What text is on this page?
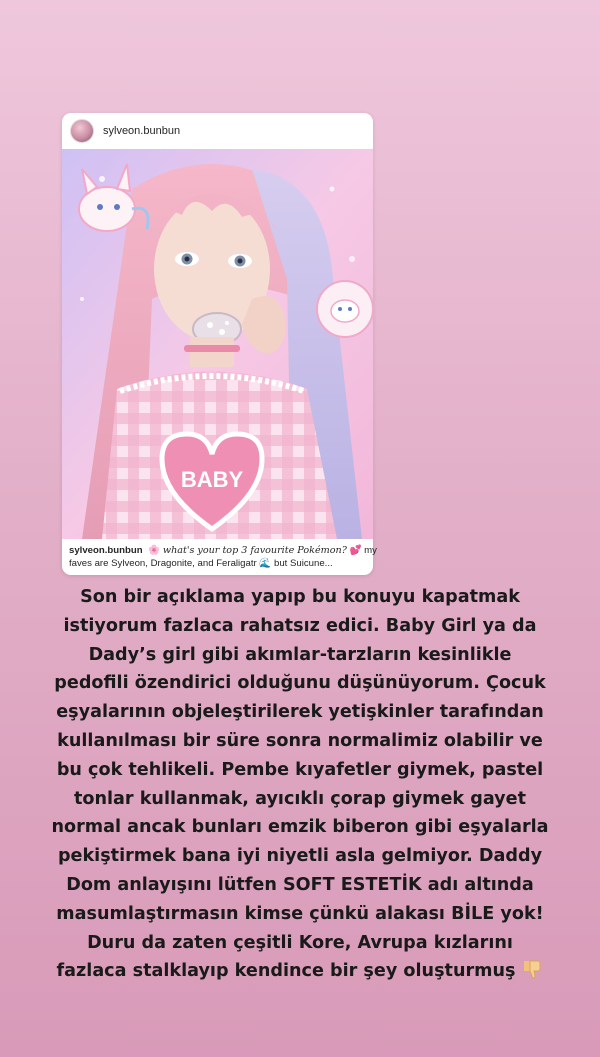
sylveon.bunbun
BABY
sylveon.bunbun 🌸 what's your top 3 favourite Pokémon? 💕 my
faves are Sylveon, Dragonite, and Feraligatr 🌊 but Suicune...
Son bir açıklama yapıp bu konuyu kapatmak
istiyorum fazlaca rahatsız edici. Baby Girl ya da
Dady’s girl gibi akımlar-tarzların kesinlikle
pedofili özendirici olduğunu düşünüyorum. Çocuk
eşyalarının objeleştirilerek yetişkinler tarafından
kullanılması bir süre sonra normalimiz olabilir ve
bu çok tehlikeli. Pembe kıyafetler giymek, pastel
tonlar kullanmak, ayıcıklı çorap giymek gayet
normal ancak bunları emzik biberon gibi eşyalarla
pekiştirmek bana iyi niyetli asla gelmiyor. Daddy
Dom anlayışını lütfen SOFT ESTETİK adı altında
masumlaştırmasın kimse çünkü alakası BİLE yok!
Duru da zaten çeşitli Kore, Avrupa kızlarını
fazlaca stalklayıp kendince bir şey oluşturmuş
